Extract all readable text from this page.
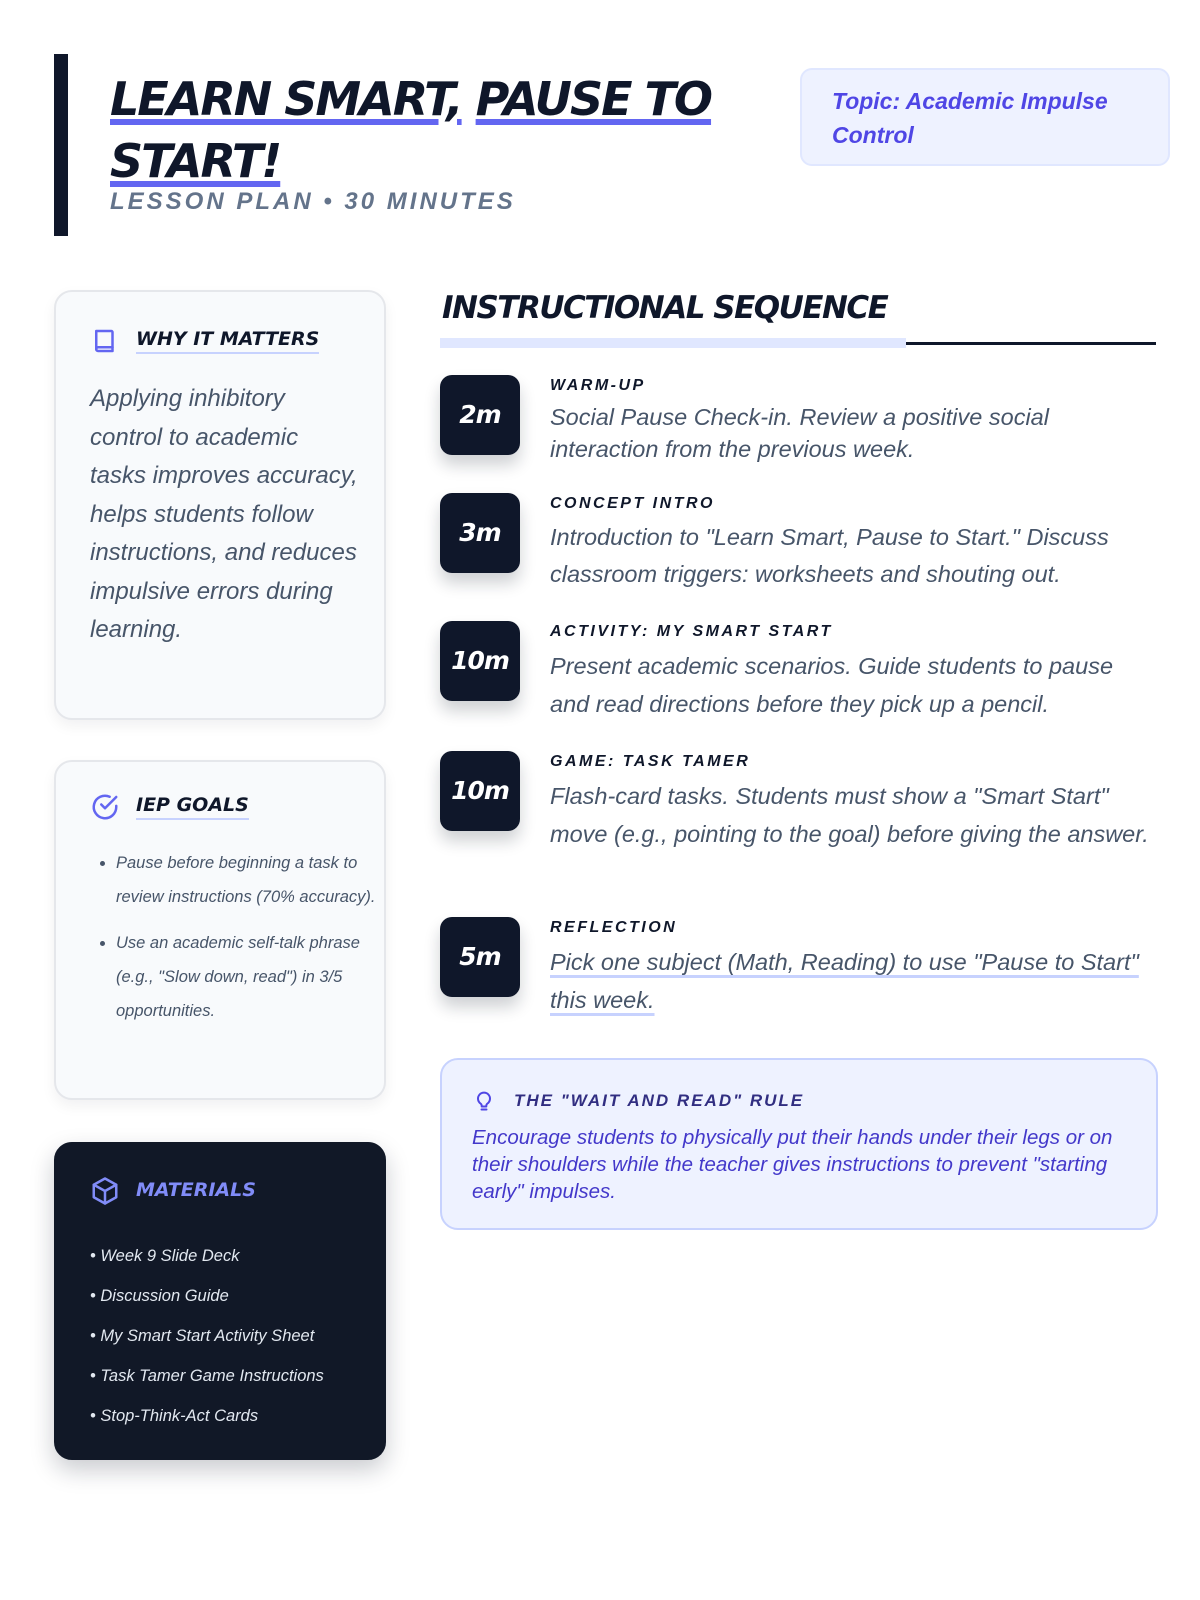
LEARN SMART, PAUSE TO START!

LESSON PLAN • 30 MINUTES

Topic: Academic Impulse Control
WHY IT MATTERS

Applying inhibitory control to academic tasks improves accuracy, helps students follow instructions, and reduces impulsive errors during learning.

IEP GOALS
• Pause before beginning a task to review instructions (70% accuracy).
• Use an academic self-talk phrase (e.g., "Slow down, read") in 3/5 opportunities.
MATERIALS
• Week 9 Slide Deck
• Discussion Guide
• My Smart Start Activity Sheet
• Task Tamer Game Instructions
• Stop-Think-Act Cards
INSTRUCTIONAL SEQUENCE
2m
WARM-UP

Social Pause Check-in. Review a positive social interaction from the previous week.

3m
CONCEPT INTRO

Introduction to "Learn Smart, Pause to Start." Discuss classroom triggers: worksheets and shouting out.

10m
ACTIVITY: MY SMART START

Present academic scenarios. Guide students to pause and read directions before they pick up a pencil.

10m
GAME: TASK TAMER

Flash-card tasks. Students must show a "Smart Start" move (e.g., pointing to the goal) before giving the answer.

5m
REFLECTION

Pick one subject (Math, Reading) to use "Pause to Start" this week.

THE "WAIT AND READ" RULE

Encourage students to physically put their hands under their legs or on their shoulders while the teacher gives instructions to prevent "starting early" impulses.
